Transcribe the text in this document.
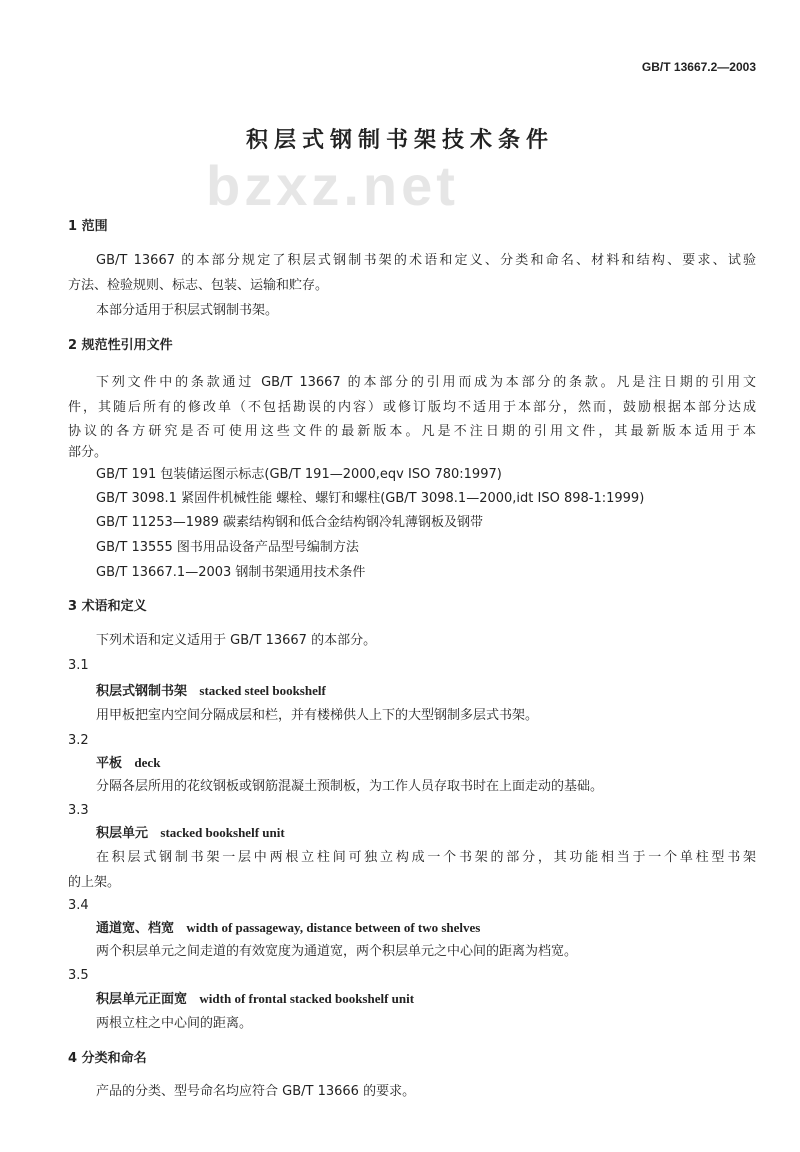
GB/T 13667.2—2003
积层式钢制书架技术条件
bzxz.net
1 范围
GB/T 13667 的本部分规定了积层式钢制书架的术语和定义、分类和命名、材料和结构、要求、试验
方法、检验规则、标志、包装、运输和贮存。
本部分适用于积层式钢制书架。
2 规范性引用文件
下列文件中的条款通过 GB/T 13667 的本部分的引用而成为本部分的条款。凡是注日期的引用文
件，其随后所有的修改单（不包括勘误的内容）或修订版均不适用于本部分，然而，鼓励根据本部分达成
协议的各方研究是否可使用这些文件的最新版本。凡是不注日期的引用文件，其最新版本适用于本
部分。
GB/T 191 包装储运图示标志(GB/T 191—2000,eqv ISO 780:1997)
GB/T 3098.1 紧固件机械性能 螺栓、螺钉和螺柱(GB/T 3098.1—2000,idt ISO 898-1:1999)
GB/T 11253—1989 碳素结构钢和低合金结构钢冷轧薄钢板及钢带
GB/T 13555 图书用品设备产品型号编制方法
GB/T 13667.1—2003 钢制书架通用技术条件
3 术语和定义
下列术语和定义适用于 GB/T 13667 的本部分。
3.1
积层式钢制书架 stacked steel bookshelf
用甲板把室内空间分隔成层和栏，并有楼梯供人上下的大型钢制多层式书架。
3.2
平板 deck
分隔各层所用的花纹钢板或钢筋混凝土预制板，为工作人员存取书时在上面走动的基础。
3.3
积层单元 stacked bookshelf unit
在积层式钢制书架一层中两根立柱间可独立构成一个书架的部分，其功能相当于一个单柱型书架
的上架。
3.4
通道宽、档宽 width of passageway, distance between of two shelves
两个积层单元之间走道的有效宽度为通道宽，两个积层单元之中心间的距离为档宽。
3.5
积层单元正面宽 width of frontal stacked bookshelf unit
两根立柱之中心间的距离。
4 分类和命名
产品的分类、型号命名均应符合 GB/T 13666 的要求。
